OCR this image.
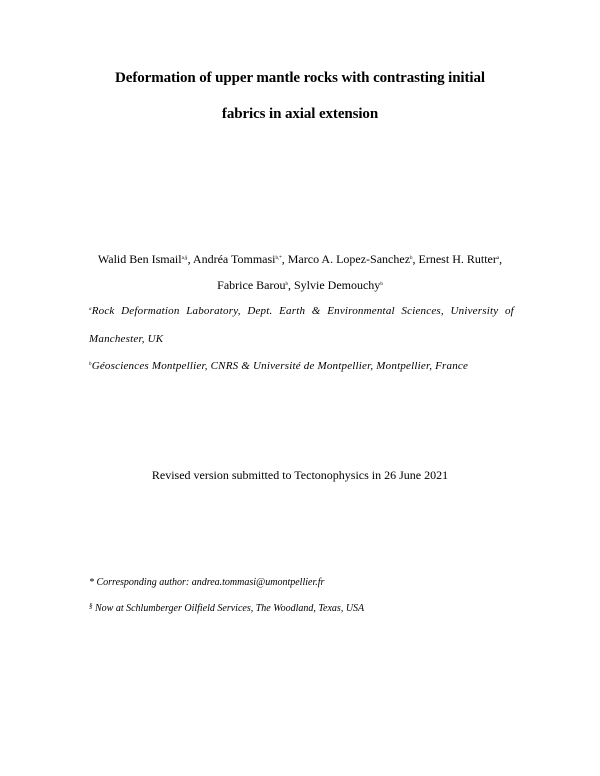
Deformation of upper mantle rocks with contrasting initial
fabrics in axial extension
Walid Ben Ismail$^{a,\S}$, Andréa Tommasi$^{b,*}$, Marco A. Lopez-Sanchez$^b$, Ernest H. Rutter$^a$,
Fabrice Barou$^b$, Sylvie Demouchy$^b$
$^a$Rock Deformation Laboratory, Dept. Earth & Environmental Sciences, University of
Manchester, UK
$^b$Géosciences Montpellier, CNRS & Université de Montpellier, Montpellier, France
Revised version submitted to Tectonophysics in 26 June 2021
* Corresponding author: andrea.tommasi@umontpellier.fr
§ Now at Schlumberger Oilfield Services, The Woodland, Texas, USA
